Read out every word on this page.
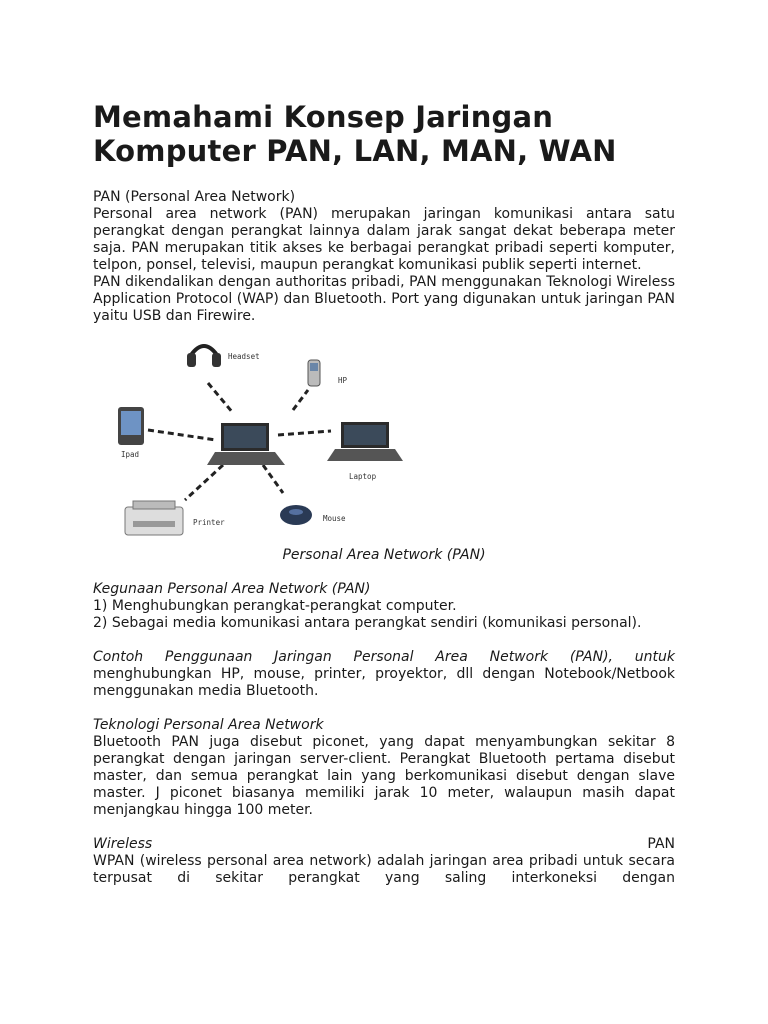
Memahami Konsep Jaringan
Komputer PAN, LAN, MAN, WAN
PAN (Personal Area Network)

Personal area network (PAN) merupakan jaringan komunikasi antara satu perangkat dengan perangkat lainnya dalam jarak sangat dekat beberapa meter saja. PAN merupakan titik akses ke berbagai perangkat pribadi seperti komputer, telpon, ponsel, televisi, maupun perangkat komunikasi publik seperti internet.

PAN dikendalikan dengan authoritas pribadi, PAN menggunakan Teknologi Wireless Application Protocol (WAP) dan Bluetooth. Port yang digunakan untuk jaringan PAN yaitu USB dan Firewire.

Headset
HP
Ipad
Laptop
Printer	Mouse
Personal Area Network (PAN)
Kegunaan Personal Area Network (PAN)
1) Menghubungkan perangkat-perangkat computer.
2) Sebagai media komunikasi antara perangkat sendiri (komunikasi personal).

Contoh Penggunaan Jaringan Personal Area Network (PAN), untuk menghubungkan HP, mouse, printer, proyektor, dll dengan Notebook/Netbook menggunakan media Bluetooth.

Teknologi Personal Area Network

Bluetooth PAN juga disebut piconet, yang dapat menyambungkan sekitar 8 perangkat dengan jaringan server-client. Perangkat Bluetooth pertama disebut master, dan semua perangkat lain yang berkomunikasi disebut dengan slave master. J piconet biasanya memiliki jarak 10 meter, walaupun masih dapat menjangkau hingga 100 meter.

Wireless	PAN

WPAN (wireless personal area network) adalah jaringan area pribadi untuk secara terpusat di sekitar perangkat yang saling interkoneksi dengan
